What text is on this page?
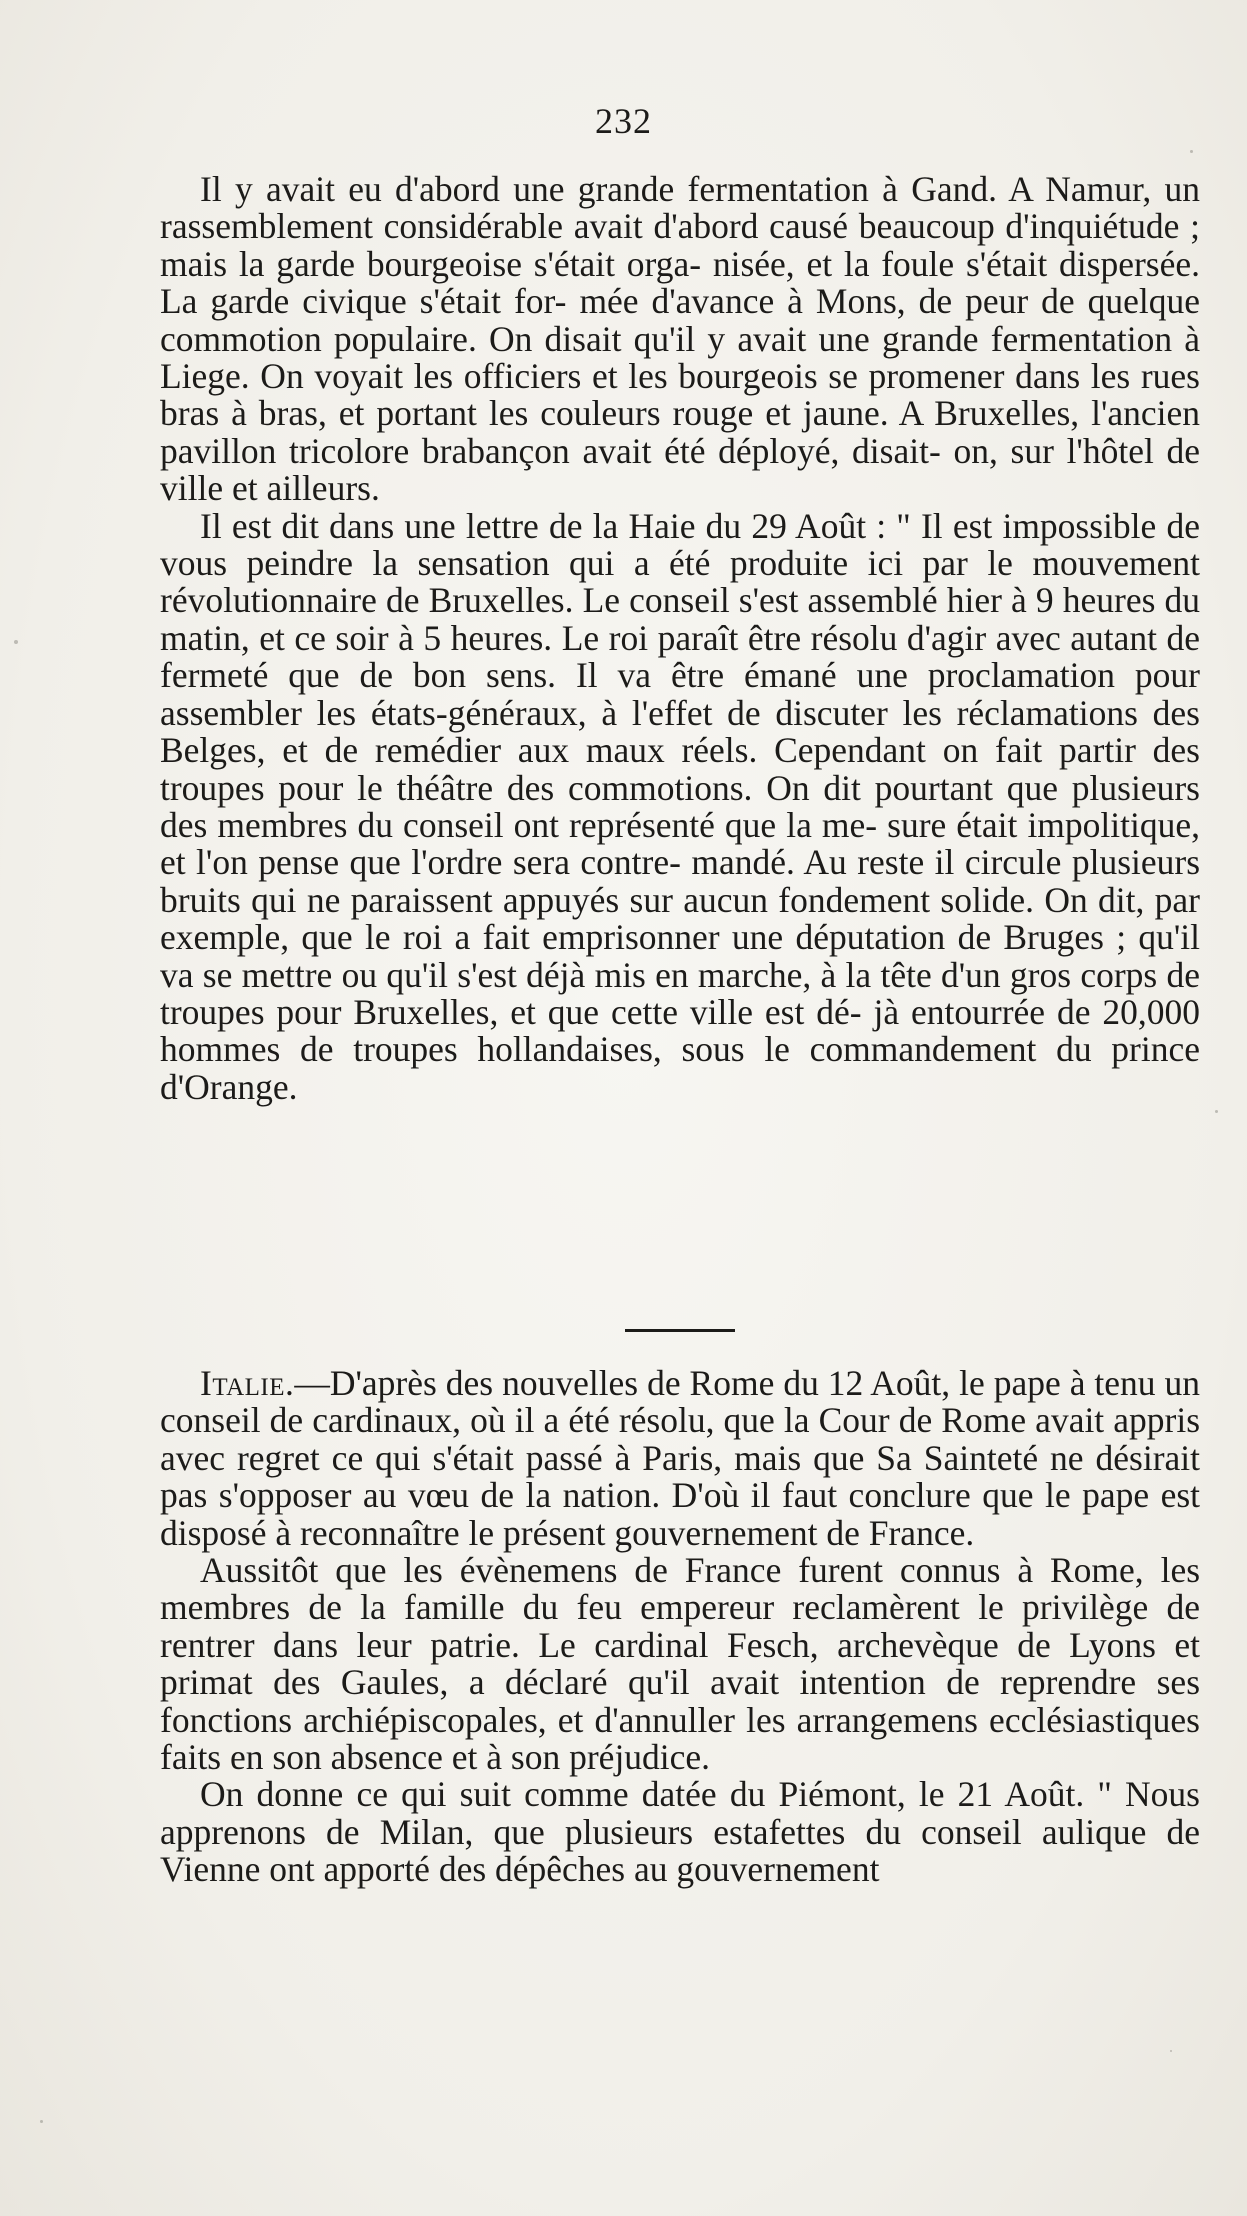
232

Il y avait eu d'abord une grande fermentation à Gand. A Namur, un rassemblement considérable avait d'abord causé beaucoup d'inquiétude ; mais la garde bourgeoise s'était orga- nisée, et la foule s'était dispersée. La garde civique s'était for- mée d'avance à Mons, de peur de quelque commotion populaire. On disait qu'il y avait une grande fermentation à Liege. On voyait les officiers et les bourgeois se promener dans les rues bras à bras, et portant les couleurs rouge et jaune. A Bruxelles, l'ancien pavillon tricolore brabançon avait été déployé, disait- on, sur l'hôtel de ville et ailleurs.

Il est dit dans une lettre de la Haie du 29 Août : " Il est impossible de vous peindre la sensation qui a été produite ici par le mouvement révolutionnaire de Bruxelles. Le conseil s'est assemblé hier à 9 heures du matin, et ce soir à 5 heures. Le roi paraît être résolu d'agir avec autant de fermeté que de bon sens. Il va être émané une proclamation pour assembler les états-généraux, à l'effet de discuter les réclamations des Belges, et de remédier aux maux réels. Cependant on fait partir des troupes pour le théâtre des commotions. On dit pourtant que plusieurs des membres du conseil ont représenté que la me- sure était impolitique, et l'on pense que l'ordre sera contre- mandé. Au reste il circule plusieurs bruits qui ne paraissent appuyés sur aucun fondement solide. On dit, par exemple, que le roi a fait emprisonner une députation de Bruges ; qu'il va se mettre ou qu'il s'est déjà mis en marche, à la tête d'un gros corps de troupes pour Bruxelles, et que cette ville est dé- jà entourrée de 20,000 hommes de troupes hollandaises, sous le commandement du prince d'Orange.

Italie.—D'après des nouvelles de Rome du 12 Août, le pape à tenu un conseil de cardinaux, où il a été résolu, que la Cour de Rome avait appris avec regret ce qui s'était passé à Paris, mais que Sa Sainteté ne désirait pas s'opposer au vœu de la nation. D'où il faut conclure que le pape est disposé à reconnaître le présent gouvernement de France.

Aussitôt que les évènemens de France furent connus à Rome, les membres de la famille du feu empereur reclamèrent le privilège de rentrer dans leur patrie. Le cardinal Fesch, archevèque de Lyons et primat des Gaules, a déclaré qu'il avait intention de reprendre ses fonctions archiépiscopales, et d'annuller les arrangemens ecclésiastiques faits en son absence et à son préjudice.

On donne ce qui suit comme datée du Piémont, le 21 Août. " Nous apprenons de Milan, que plusieurs estafettes du conseil aulique de Vienne ont apporté des dépêches au gouvernement
